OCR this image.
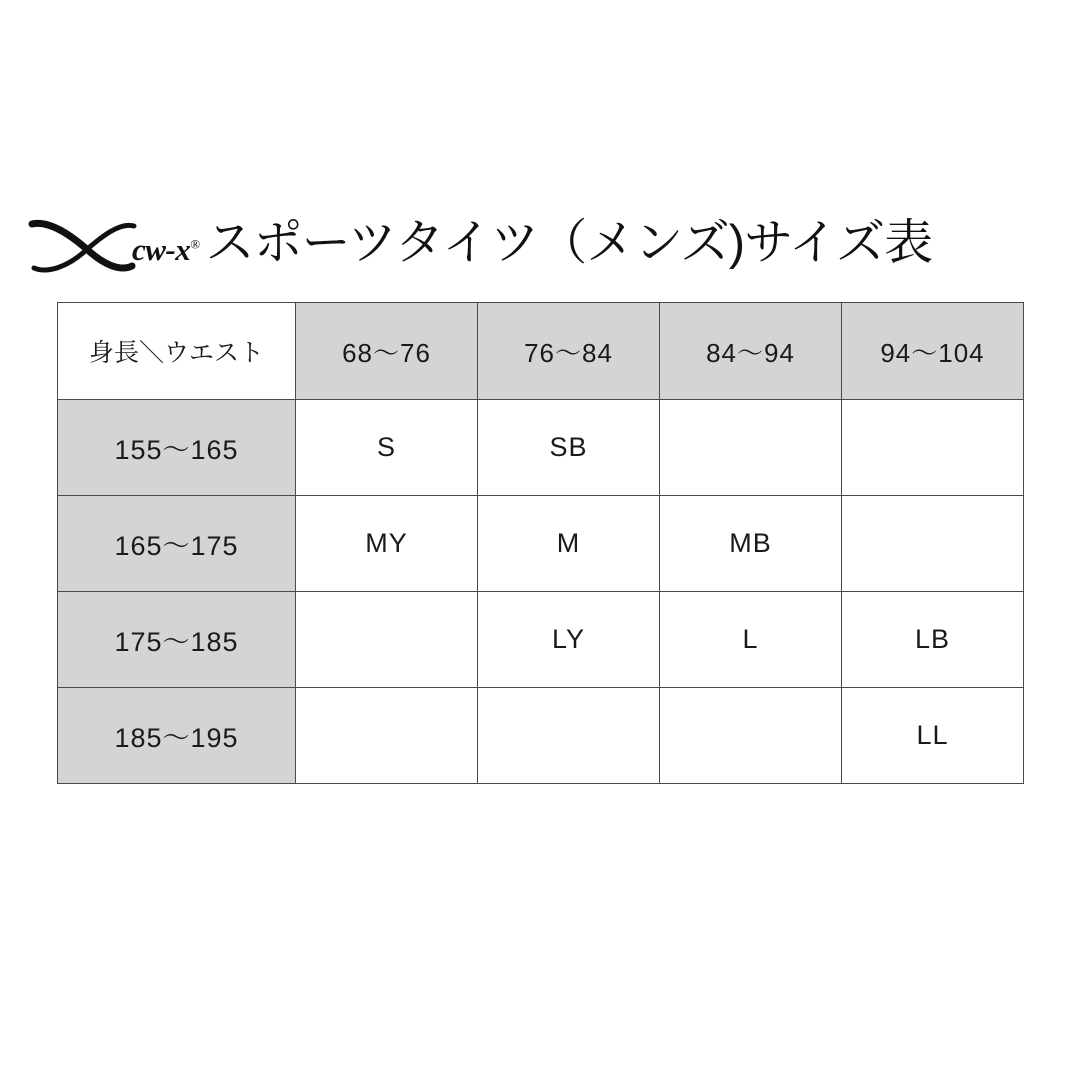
cw-x® スポーツタイツ（メンズ)サイズ表
身長＼ウエスト	68〜76	76〜84	84〜94	94〜104
155〜165	S	SB		
165〜175	MY	M	MB	
175〜185		LY	L	LB
185〜195				LL
